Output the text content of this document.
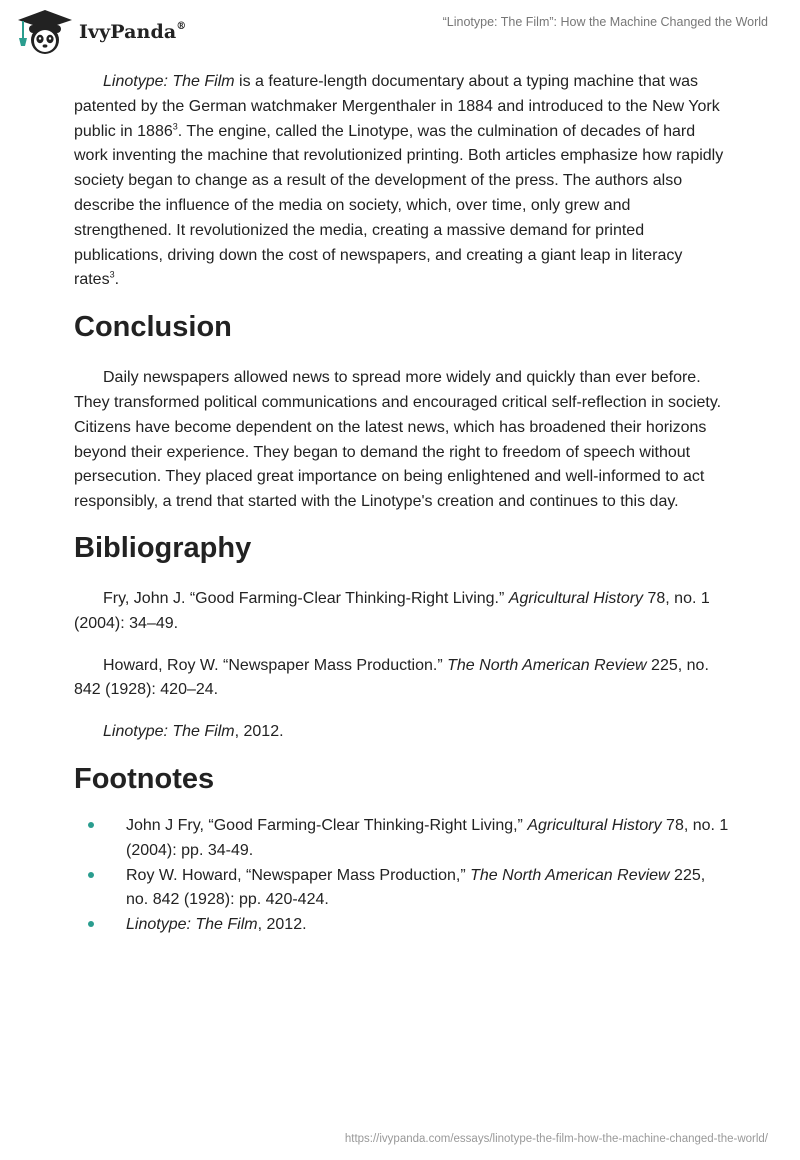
IvyPanda®	“Linotype: The Film”: How the Machine Changed the World

Linotype: The Film is a feature-length documentary about a typing machine that was patented by the German watchmaker Mergenthaler in 1884 and introduced to the New York public in 1886$^3$. The engine, called the Linotype, was the culmination of decades of hard work inventing the machine that revolutionized printing. Both articles emphasize how rapidly society began to change as a result of the development of the press. The authors also describe the influence of the media on society, which, over time, only grew and strengthened. It revolutionized the media, creating a massive demand for printed publications, driving down the cost of newspapers, and creating a giant leap in literacy rates$^3$.

Conclusion

Daily newspapers allowed news to spread more widely and quickly than ever before. They transformed political communications and encouraged critical self-reflection in society. Citizens have become dependent on the latest news, which has broadened their horizons beyond their experience. They began to demand the right to freedom of speech without persecution. They placed great importance on being enlightened and well-informed to act responsibly, a trend that started with the Linotype's creation and continues to this day.

Bibliography

Fry, John J. “Good Farming-Clear Thinking-Right Living.” Agricultural History 78, no. 1 (2004): 34–49.

Howard, Roy W. “Newspaper Mass Production.” The North American Review 225, no. 842 (1928): 420–24.

Linotype: The Film, 2012.

Footnotes
John J Fry, “Good Farming-Clear Thinking-Right Living,” Agricultural History 78, no. 1 (2004): pp. 34-49.
Roy W. Howard, “Newspaper Mass Production,” The North American Review 225, no. 842 (1928): pp. 420-424.
Linotype: The Film, 2012.
https://ivypanda.com/essays/linotype-the-film-how-the-machine-changed-the-world/
